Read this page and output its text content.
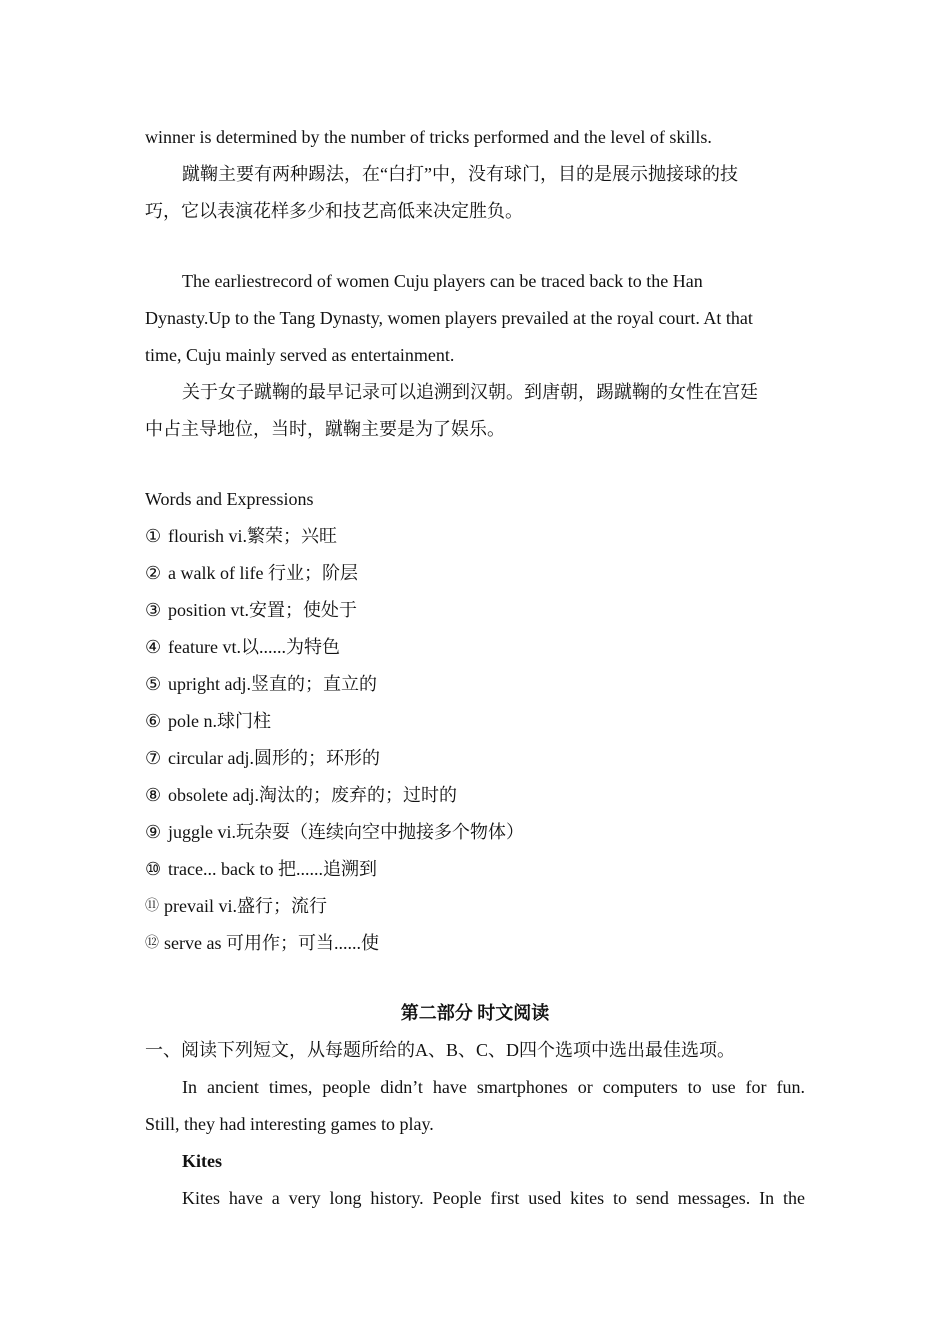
winner is determined by the number of tricks performed and the level of skills.

蹴鞠主要有两种踢法，在“白打”中，没有球门，目的是展示抛接球的技

巧，它以表演花样多少和技艺高低来决定胜负。

The earliestrecord of women Cuju players can be traced back to the Han

Dynasty.Up to the Tang Dynasty, women players prevailed at the royal court. At that

time, Cuju mainly served as entertainment.

关于女子蹴鞠的最早记录可以追溯到汉朝。到唐朝，踢蹴鞠的女性在宫廷

中占主导地位，当时，蹴鞠主要是为了娱乐。

Words and Expressions

① flourish vi.繁荣；兴旺

② a walk of life 行业；阶层

③ position vt.安置；使处于

④ feature vt.以......为特色

⑤ upright adj.竖直的；直立的

⑥ pole n.球门柱

⑦ circular adj.圆形的；环形的

⑧ obsolete adj.淘汰的；废弃的；过时的

⑨ juggle vi.玩杂耍（连续向空中抛接多个物体）

⑩ trace... back to 把......追溯到

⑪ prevail vi.盛行；流行

⑫ serve as 可用作；可当......使

第二部分 时文阅读

一、阅读下列短文，从每题所给的A、B、C、D四个选项中选出最佳选项。

In ancient times, people didn’t have smartphones or computers to use for fun.

Still, they had interesting games to play.

Kites

Kites have a very long history. People first used kites to send messages. In the
